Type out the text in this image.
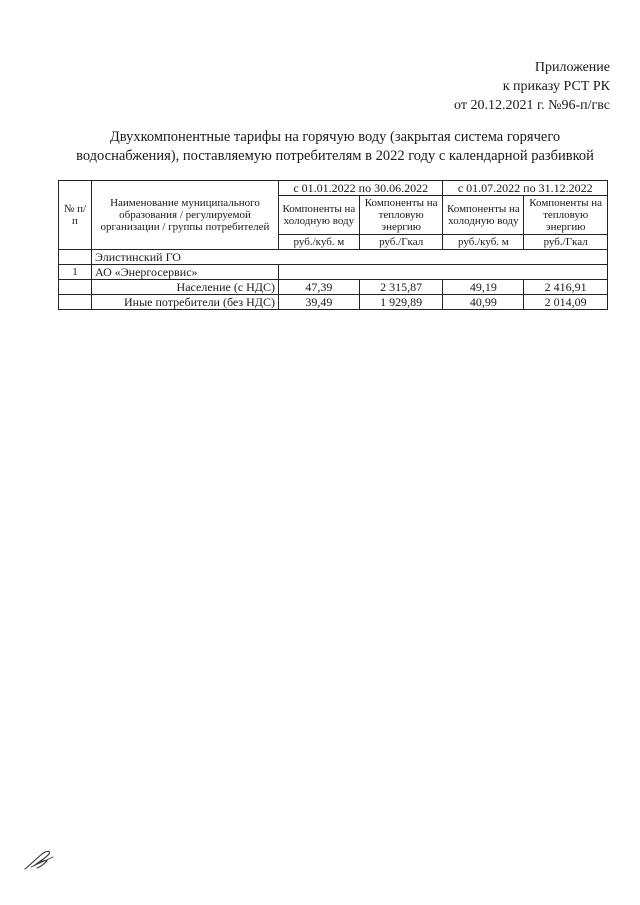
Приложение
к приказу РСТ РК
от 20.12.2021 г. №96-п/гвс
Двухкомпонентные тарифы на горячую воду (закрытая система горячего
водоснабжения), поставляемую потребителям в 2022 году с календарной разбивкой
№ п/п	Наименование муниципального образования / регулируемой организации / группы потребителей	с 01.01.2022 по 30.06.2022		с 01.07.2022 по 31.12.2022	
		Компоненты на холодную воду	Компоненты на тепловую энергию	Компоненты на холодную воду	Компоненты на тепловую энергию
		руб./куб. м	руб./Гкал	руб./куб. м	руб./Гкал
	Элистинский ГО				
1	АО «Энергосервис»				
	Население (с НДС)	47,39	2 315,87	49,19	2 416,91
	Иные потребители (без НДС)	39,49	1 929,89	40,99	2 014,09
